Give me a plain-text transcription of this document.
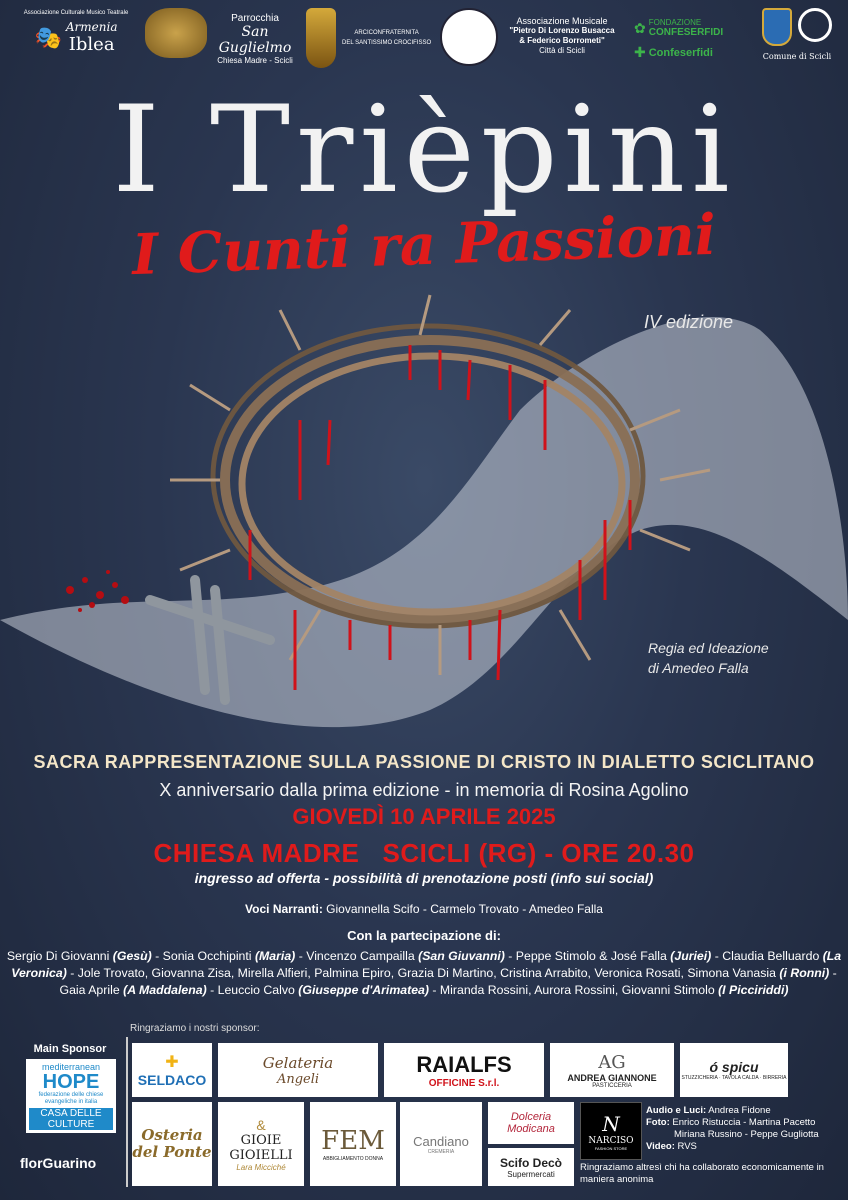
Associazione Culturale Musico Teatrale
🎭 Armenia
Iblea
Parrocchia
San Guglielmo
Chiesa Madre - Scicli
ARCICONFRATERNITA
DEL SANTISSIMO CROCIFISSO
Associazione Musicale
"Pietro Di Lorenzo Busacca
& Federico Borrometi"
Città di Scicli
✿ FONDAZIONE
CONFESERFIDI
✚ Confeserfidi	Comune di Scicli
I Trièpini
I Cunti ra Passioni
IV edizione
Regia ed Ideazione
di Amedeo Falla
SACRA RAPPRESENTAZIONE SULLA PASSIONE DI CRISTO IN DIALETTO SCICLITANO
X anniversario dalla prima edizione - in memoria di Rosina Agolino
GIOVEDÌ 10 APRILE 2025
CHIESA MADRE   SCICLI (RG) - ORE 20.30
ingresso ad offerta - possibilità di prenotazione posti (info sui social)
Voci Narranti: Giovannella Scifo - Carmelo Trovato - Amedeo Falla
Con la partecipazione di:
Sergio Di Giovanni (Gesù) - Sonia Occhipinti (Maria) - Vincenzo Campailla (San Giuvanni) - Peppe Stimolo & José Falla (Juriei) - Claudia Belluardo (La Veronica) - Jole Trovato, Giovanna Zisa, Mirella Alfieri, Palmina Epiro, Grazia Di Martino, Cristina Arrabito, Veronica Rosati, Simona Vanasia (i Ronni) - Gaia Aprile (A Maddalena) - Leuccio Calvo (Giuseppe d'Arimatea) - Miranda Rossini, Aurora Rossini, Giovanni Stimolo (I Picciriddi)
Ringraziamo i nostri sponsor:
Main Sponsor
mediterranean
HOPE
federazione delle chiese evangeliche in italia
CASA DELLE CULTURE
florGuarino
✚
SELDACO
Gelateria
Angeli
RAIALFS
OFFICINE S.r.l.
AG
ANDREA GIANNONE
PASTICCERIA
ó spicu
STUZZICHERIA · TAVOLA CALDA · BIRRERIA
Osteria del Ponte
&
GIOIE
GIOIELLI
Lara Micciché
FEM
ABBIGLIAMENTO DONNA
Candiano
CREMERIA
Dolceria
Modicana
Scifo Decò
Supermercati
N
NARCISO
FASHION STORE
Audio e Luci: Andrea Fidone
Foto: Enrico Ristuccia - Martina Pacetto
Miriana Russino - Peppe Gugliotta
Video: RVS
Ringraziamo altresì chi ha collaborato economicamente in maniera anonima
